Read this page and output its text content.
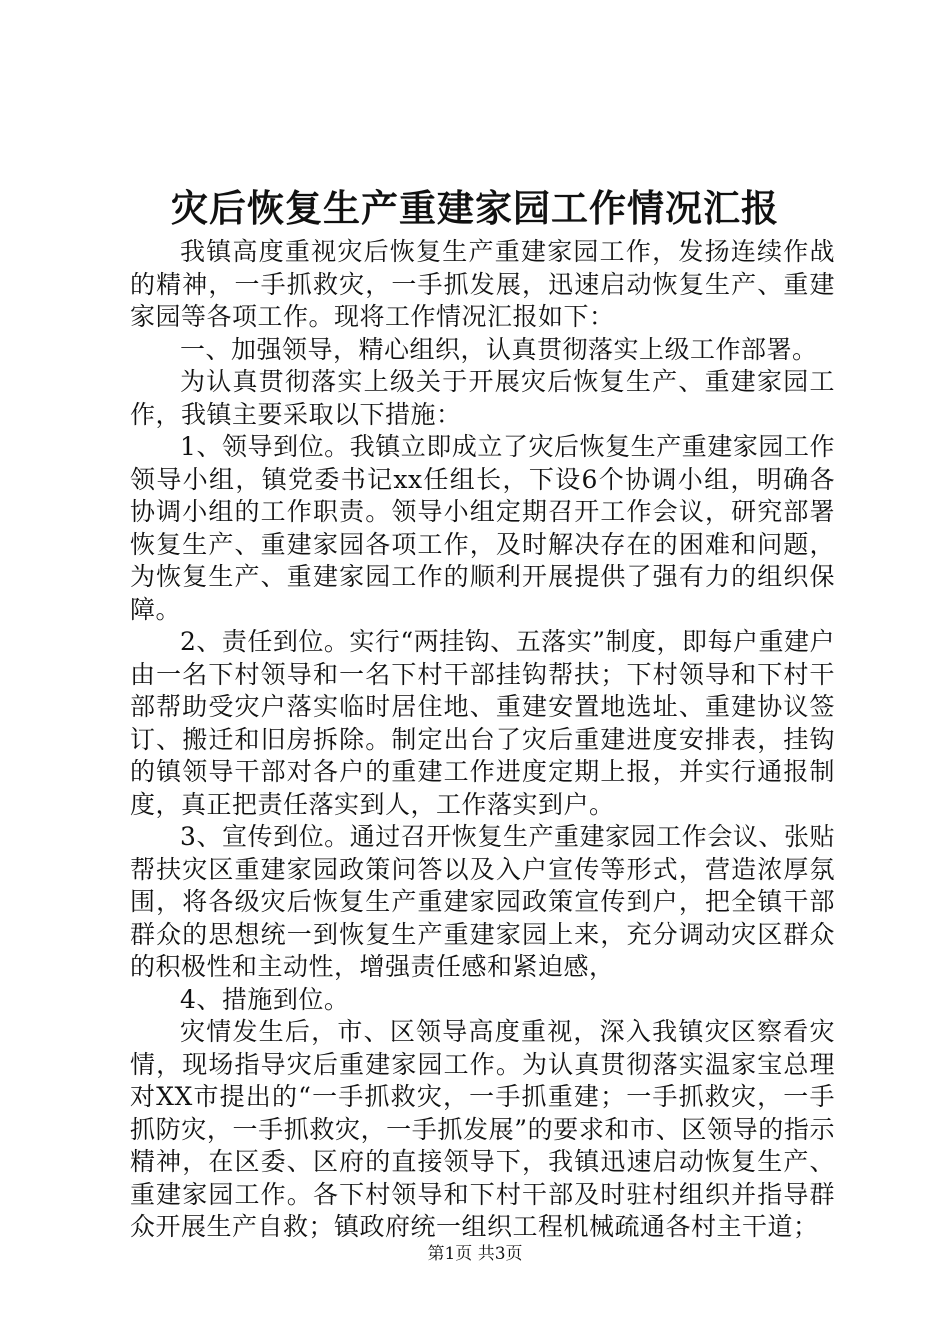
灾后恢复生产重建家园工作情况汇报

我镇高度重视灾后恢复生产重建家园工作，发扬连续作战的精神，一手抓救灾，一手抓发展，迅速启动恢复生产、重建家园等各项工作。现将工作情况汇报如下：

一、加强领导，精心组织，认真贯彻落实上级工作部署。

为认真贯彻落实上级关于开展灾后恢复生产、重建家园工作，我镇主要采取以下措施：

1、领导到位。我镇立即成立了灾后恢复生产重建家园工作领导小组，镇党委书记xx任组长，下设6个协调小组，明确各协调小组的工作职责。领导小组定期召开工作会议，研究部署恢复生产、重建家园各项工作，及时解决存在的困难和问题，为恢复生产、重建家园工作的顺利开展提供了强有力的组织保障。

2、责任到位。实行“两挂钩、五落实”制度，即每户重建户由一名下村领导和一名下村干部挂钩帮扶；下村领导和下村干部帮助受灾户落实临时居住地、重建安置地选址、重建协议签订、搬迁和旧房拆除。制定出台了灾后重建进度安排表，挂钩的镇领导干部对各户的重建工作进度定期上报，并实行通报制度，真正把责任落实到人，工作落实到户。

3、宣传到位。通过召开恢复生产重建家园工作会议、张贴帮扶灾区重建家园政策问答以及入户宣传等形式，营造浓厚氛围，将各级灾后恢复生产重建家园政策宣传到户，把全镇干部群众的思想统一到恢复生产重建家园上来，充分调动灾区群众的积极性和主动性，增强责任感和紧迫感，

4、措施到位。

灾情发生后，市、区领导高度重视，深入我镇灾区察看灾情，现场指导灾后重建家园工作。为认真贯彻落实温家宝总理对XX市提出的“一手抓救灾，一手抓重建；一手抓救灾，一手抓防灾，一手抓救灾，一手抓发展”的要求和市、区领导的指示精神，在区委、区府的直接领导下，我镇迅速启动恢复生产、重建家园工作。各下村领导和下村干部及时驻村组织并指导群众开展生产自救；镇政府统一组织工程机械疏通各村主干道；

第1页 共3页
